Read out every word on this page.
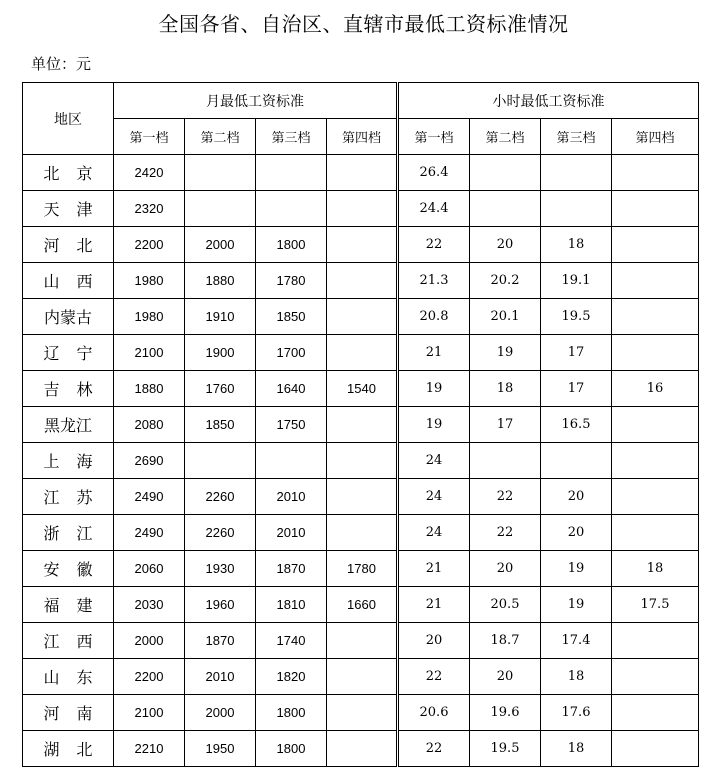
全国各省、自治区、直辖市最低工资标准情况
单位：元
地区	月最低工资标准				小时最低工资标准			
	第一档	第二档	第三档	第四档	第一档	第二档	第三档	第四档
北京	2420				26.4			
天津	2320				24.4			
河北	2200	2000	1800		22	20	18	
山西	1980	1880	1780		21.3	20.2	19.1	
内蒙古	1980	1910	1850		20.8	20.1	19.5	
辽宁	2100	1900	1700		21	19	17	
吉林	1880	1760	1640	1540	19	18	17	16
黑龙江	2080	1850	1750		19	17	16.5	
上海	2690				24			
江苏	2490	2260	2010		24	22	20	
浙江	2490	2260	2010		24	22	20	
安徽	2060	1930	1870	1780	21	20	19	18
福建	2030	1960	1810	1660	21	20.5	19	17.5
江西	2000	1870	1740		20	18.7	17.4	
山东	2200	2010	1820		22	20	18	
河南	2100	2000	1800		20.6	19.6	17.6	
湖北	2210	1950	1800		22	19.5	18	
